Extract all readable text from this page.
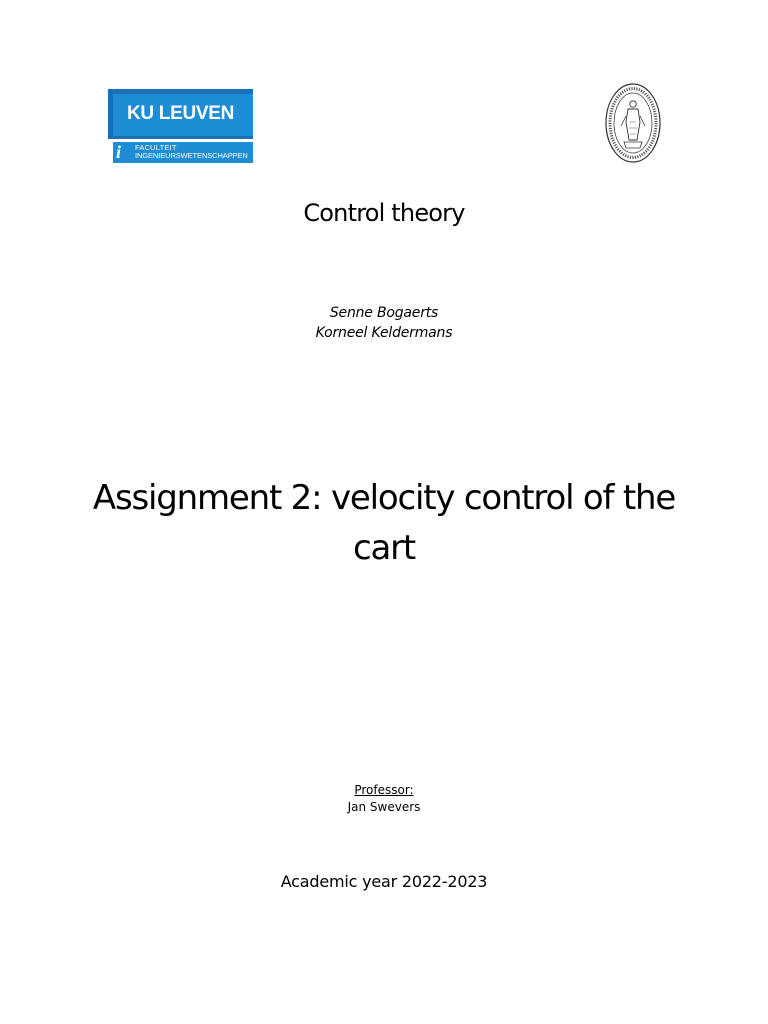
KU LEUVEN
i FACULTEIT
INGENIEURSWETENSCHAPPEN
Control theory
Senne Bogaerts
Korneel Keldermans
Assignment 2: velocity control of the
cart
Professor:
Jan Swevers
Academic year 2022-2023
